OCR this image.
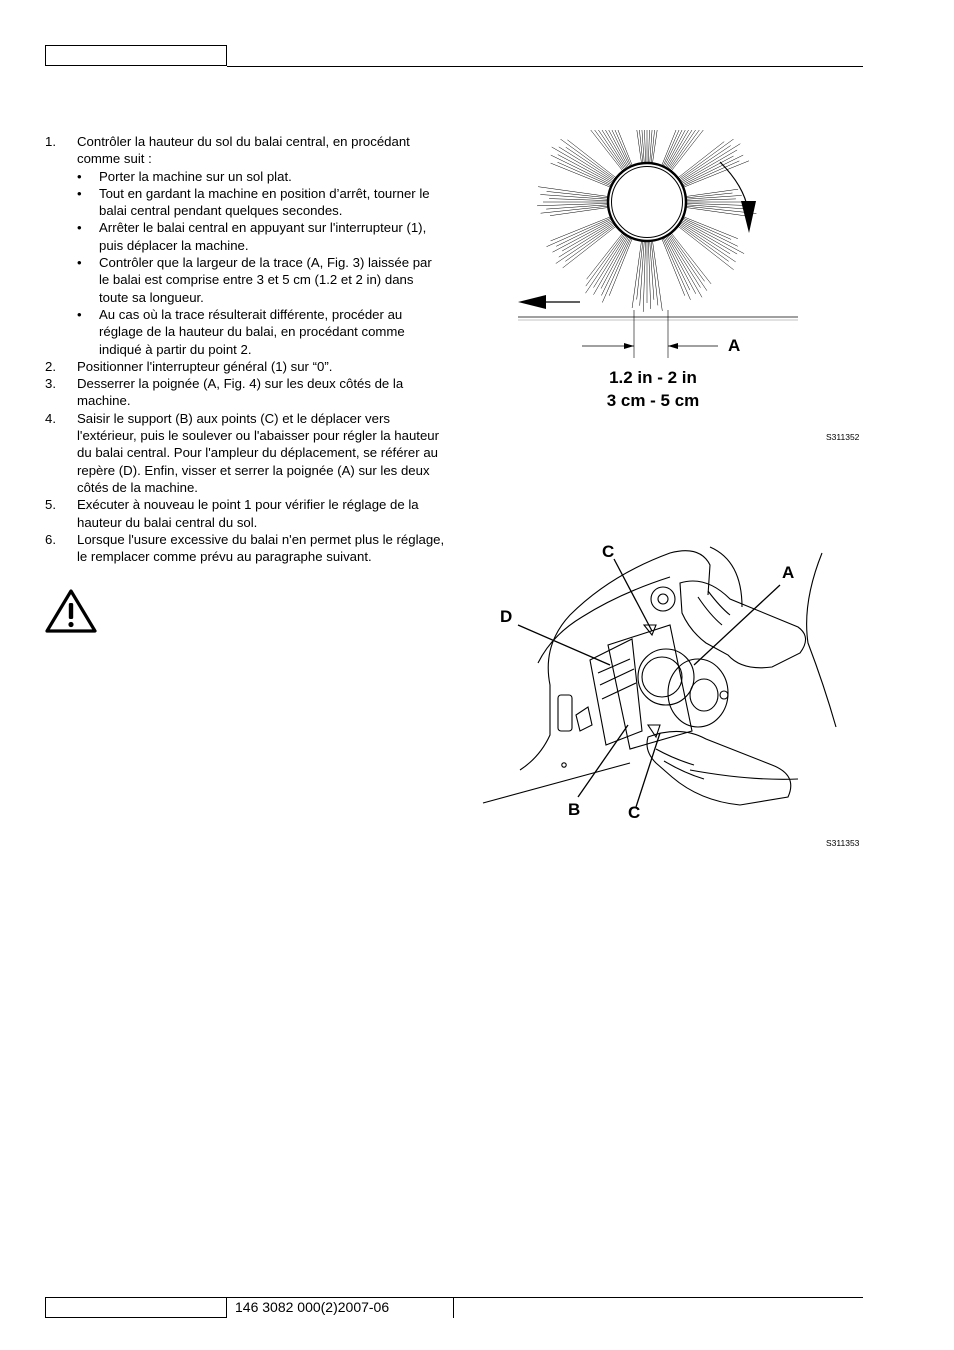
1.	Contrôler la hauteur du sol du balai central, en procédant comme suit :
•	Porter la machine sur un sol plat.
•	Tout en gardant la machine en position d’arrêt, tourner le balai central pendant quelques secondes.
•	Arrêter le balai central en appuyant sur l'interrupteur (1), puis déplacer la machine.
•	Contrôler que la largeur de la trace (A, Fig. 3) laissée par le balai est comprise entre 3 et 5 cm (1.2 et 2 in) dans toute sa longueur.
•	Au cas où la trace résulterait différente, procéder au réglage de la hauteur du balai, en procédant comme indiqué à partir du point 2.
2.	Positionner l'interrupteur général (1) sur “0”.
3.	Desserrer la poignée (A, Fig. 4) sur les deux côtés de la machine.
4.	Saisir le support (B) aux points (C) et le déplacer vers l'extérieur, puis le soulever ou l'abaisser pour régler la hauteur du balai central. Pour l'ampleur du déplacement, se référer au repère (D). Enfin, visser et serrer la poignée (A) sur les deux côtés de la machine.
5.	Exécuter à nouveau le point 1 pour vérifier le réglage de la hauteur du balai central du sol.
6.	Lorsque l'usure excessive du balai n'en permet plus le réglage, le remplacer comme prévu au paragraphe suivant.
A
1.2 in - 2 in
3 cm - 5 cm
S311352
C
A
D
B	C
S311353
146 3082 000(2)2007-06
